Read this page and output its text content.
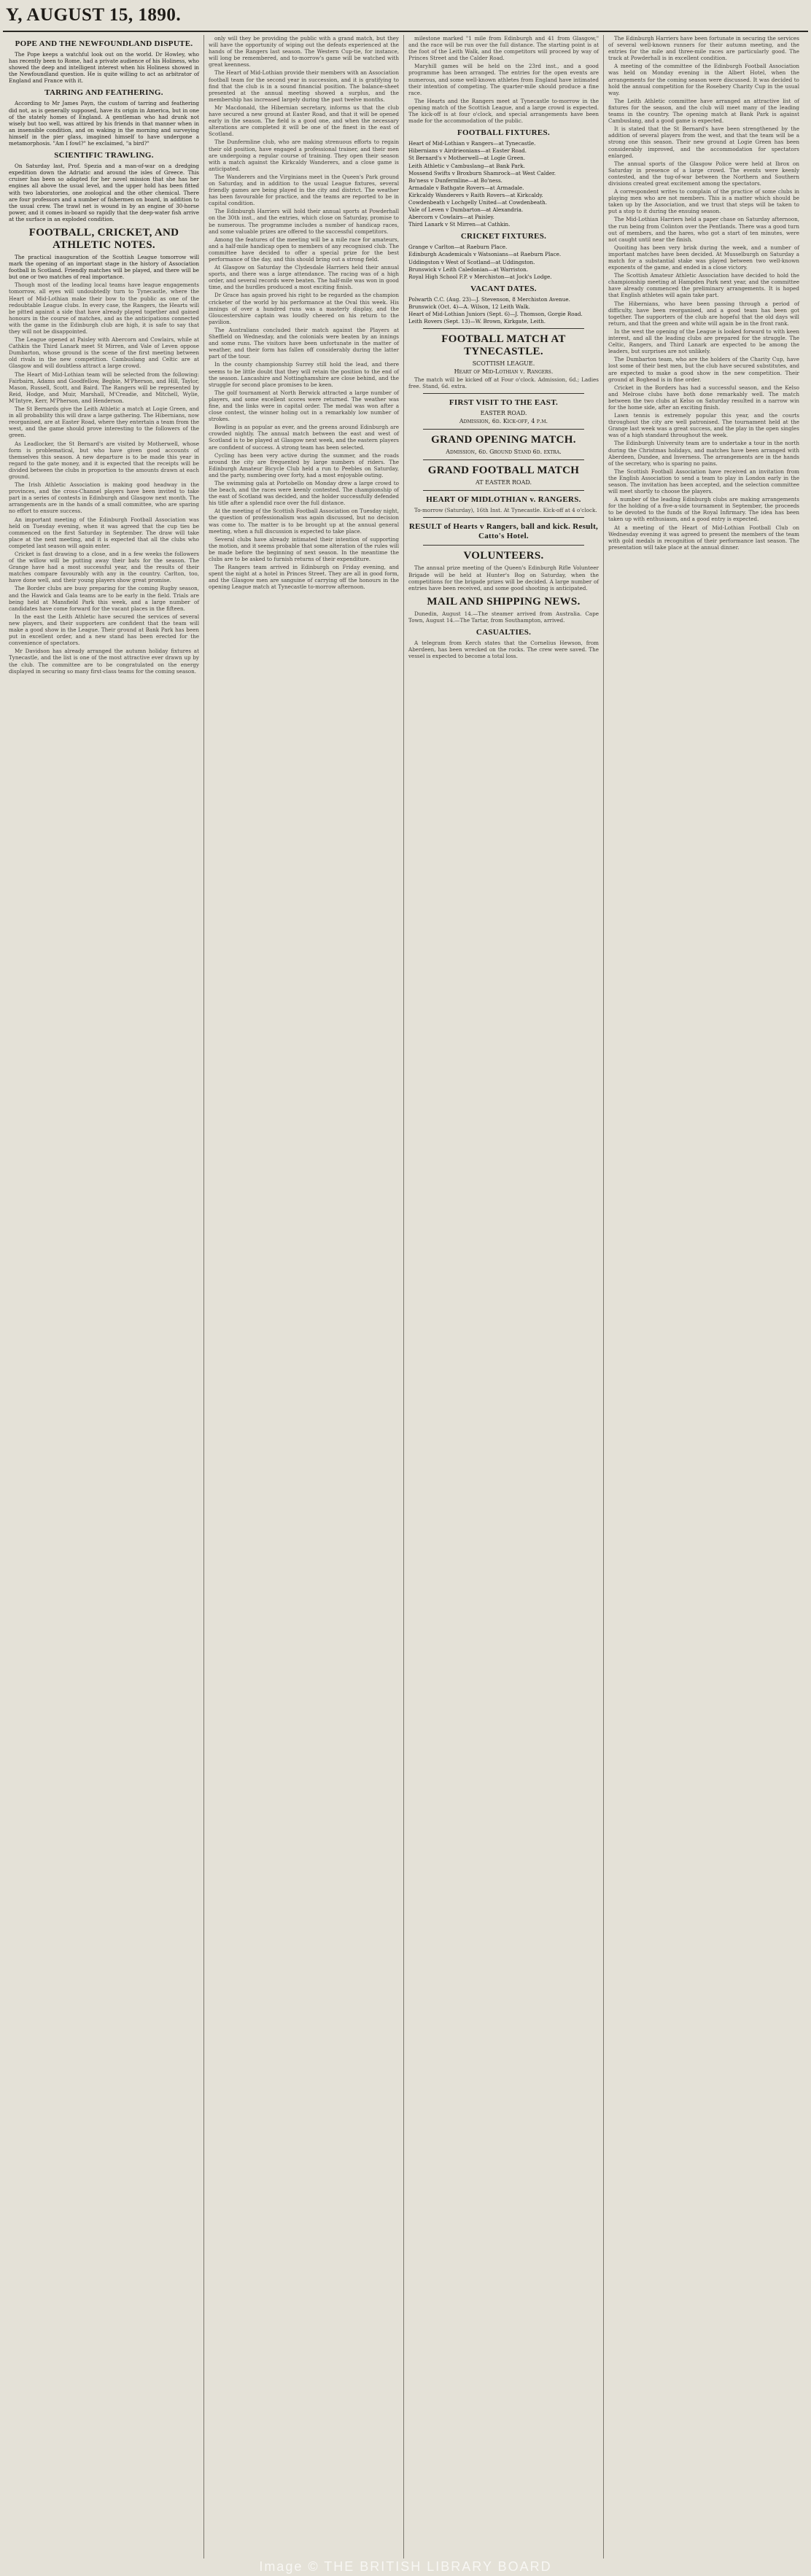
Y, AUGUST 15, 1890.
POPE AND THE NEWFOUNDLAND DISPUTE.

The Pope keeps a watchful look out on the world. Dr Howley, who has recently been to Rome, had a private audience of his Holiness, who showed the deep and intelligent interest when his Holiness showed in the Newfoundland question. He is quite willing to act as arbitrator of England and France with it.

TARRING AND FEATHERING.

According to Mr James Payn, the custom of tarring and feathering did not, as is generally supposed, have its origin in America, but in one of the stately homes of England. A gentleman who had drunk not wisely but too well, was attired by his friends in that manner when in an insensible condition, and on waking in the morning and surveying himself in the pier glass, imagined himself to have undergone a metamorphosis. "Am I fowl?" he exclaimed, "a bird?"

SCIENTIFIC TRAWLING.

On Saturday last, Prof. Spezia and a man-of-war on a dredging expedition down the Adriatic and around the isles of Greece. This cruiser has been so adapted for her novel mission that she has her engines all above the usual level, and the upper hold has been fitted with two laboratories, one zoological and the other chemical. There are four professors and a number of fishermen on board, in addition to the usual crew. The trawl net is wound in by an engine of 30-horse power, and it comes in-board so rapidly that the deep-water fish arrive at the surface in an exploded condition.

FOOTBALL, CRICKET, AND ATHLETIC NOTES.

The practical inauguration of the Scottish League tomorrow will mark the opening of an important stage in the history of Association football in Scotland. Friendly matches will be played, and there will be but one or two matches of real importance.

Though most of the leading local teams have league engagements tomorrow, all eyes will undoubtedly turn to Tynecastle, where the Heart of Mid-Lothian make their bow to the public as one of the redoubtable League clubs. In every case, the Rangers, the Hearts will be pitted against a side that have already played together and gained honours in the course of matches, and as the anticipations connected with the game in the Edinburgh club are high, it is safe to say that they will not be disappointed.

The League opened at Paisley with Abercorn and Cowlairs, while at Cathkin the Third Lanark meet St Mirren, and Vale of Leven oppose Dumbarton, whose ground is the scene of the first meeting between old rivals in the new competition. Cambuslang and Celtic are at Glasgow and will doubtless attract a large crowd.

The Heart of Mid-Lothian team will be selected from the following: Fairbairn, Adams and Goodfellow, Begbie, M'Pherson, and Hill, Taylor, Mason, Russell, Scott, and Baird. The Rangers will be represented by Reid, Hodge, and Muir, Marshall, M'Creadie, and Mitchell, Wylie, M'Intyre, Kerr, M'Pherson, and Henderson.

The St Bernards give the Leith Athletic a match at Logie Green, and in all probability this will draw a large gathering. The Hibernians, now reorganised, are at Easter Road, where they entertain a team from the west, and the game should prove interesting to the followers of the green.

As Leadlocker, the St Bernard's are visited by Motherwell, whose form is problematical, but who have given good accounts of themselves this season. A new departure is to be made this year in regard to the gate money, and it is expected that the receipts will be divided between the clubs in proportion to the amounts drawn at each ground.

The Irish Athletic Association is making good headway in the provinces, and the cross-Channel players have been invited to take part in a series of contests in Edinburgh and Glasgow next month. The arrangements are in the hands of a small committee, who are sparing no effort to ensure success.

An important meeting of the Edinburgh Football Association was held on Tuesday evening, when it was agreed that the cup ties be commenced on the first Saturday in September. The draw will take place at the next meeting, and it is expected that all the clubs who competed last season will again enter.

Cricket is fast drawing to a close, and in a few weeks the followers of the willow will be putting away their bats for the season. The Grange have had a most successful year, and the results of their matches compare favourably with any in the country. Carlton, too, have done well, and their young players show great promise.

The Border clubs are busy preparing for the coming Rugby season, and the Hawick and Gala teams are to be early in the field. Trials are being held at Mansfield Park this week, and a large number of candidates have come forward for the vacant places in the fifteen.

In the east the Leith Athletic have secured the services of several new players, and their supporters are confident that the team will make a good show in the League. Their ground at Bank Park has been put in excellent order, and a new stand has been erected for the convenience of spectators.

Mr Davidson has already arranged the autumn holiday fixtures at Tynecastle, and the list is one of the most attractive ever drawn up by the club. The committee are to be congratulated on the energy displayed in securing so many first-class teams for the coming season.

only will they be providing the public with a grand match, but they will have the opportunity of wiping out the defeats experienced at the hands of the Rangers last season. The Western Cup-tie, for instance, will long be remembered, and to-morrow's game will be watched with great keenness.

The Heart of Mid-Lothian provide their members with an Association football team for the second year in succession, and it is gratifying to find that the club is in a sound financial position. The balance-sheet presented at the annual meeting showed a surplus, and the membership has increased largely during the past twelve months.

Mr Macdonald, the Hibernian secretary, informs us that the club have secured a new ground at Easter Road, and that it will be opened early in the season. The field is a good one, and when the necessary alterations are completed it will be one of the finest in the east of Scotland.

The Dunfermline club, who are making strenuous efforts to regain their old position, have engaged a professional trainer, and their men are undergoing a regular course of training. They open their season with a match against the Kirkcaldy Wanderers, and a close game is anticipated.

The Wanderers and the Virginians meet in the Queen's Park ground on Saturday, and in addition to the usual League fixtures, several friendly games are being played in the city and district. The weather has been favourable for practice, and the teams are reported to be in capital condition.

The Edinburgh Harriers will hold their annual sports at Powderhall on the 30th inst., and the entries, which close on Saturday, promise to be numerous. The programme includes a number of handicap races, and some valuable prizes are offered to the successful competitors.

Among the features of the meeting will be a mile race for amateurs, and a half-mile handicap open to members of any recognised club. The committee have decided to offer a special prize for the best performance of the day, and this should bring out a strong field.

At Glasgow on Saturday the Clydesdale Harriers held their annual sports, and there was a large attendance. The racing was of a high order, and several records were beaten. The half-mile was won in good time, and the hurdles produced a most exciting finish.

Dr Grace has again proved his right to be regarded as the champion cricketer of the world by his performance at the Oval this week. His innings of over a hundred runs was a masterly display, and the Gloucestershire captain was loudly cheered on his return to the pavilion.

The Australians concluded their match against the Players at Sheffield on Wednesday, and the colonials were beaten by an innings and some runs. The visitors have been unfortunate in the matter of weather, and their form has fallen off considerably during the latter part of the tour.

In the county championship Surrey still hold the lead, and there seems to be little doubt that they will retain the position to the end of the season. Lancashire and Nottinghamshire are close behind, and the struggle for second place promises to be keen.

The golf tournament at North Berwick attracted a large number of players, and some excellent scores were returned. The weather was fine, and the links were in capital order. The medal was won after a close contest, the winner holing out in a remarkably low number of strokes.

Bowling is as popular as ever, and the greens around Edinburgh are crowded nightly. The annual match between the east and west of Scotland is to be played at Glasgow next week, and the eastern players are confident of success. A strong team has been selected.

Cycling has been very active during the summer, and the roads around the city are frequented by large numbers of riders. The Edinburgh Amateur Bicycle Club held a run to Peebles on Saturday, and the party, numbering over forty, had a most enjoyable outing.

The swimming gala at Portobello on Monday drew a large crowd to the beach, and the races were keenly contested. The championship of the east of Scotland was decided, and the holder successfully defended his title after a splendid race over the full distance.

At the meeting of the Scottish Football Association on Tuesday night, the question of professionalism was again discussed, but no decision was come to. The matter is to be brought up at the annual general meeting, when a full discussion is expected to take place.

Several clubs have already intimated their intention of supporting the motion, and it seems probable that some alteration of the rules will be made before the beginning of next season. In the meantime the clubs are to be asked to furnish returns of their expenditure.

The Rangers team arrived in Edinburgh on Friday evening, and spent the night at a hotel in Princes Street. They are all in good form, and the Glasgow men are sanguine of carrying off the honours in the opening League match at Tynecastle to-morrow afternoon.

milestone marked "1 mile from Edinburgh and 41 from Glasgow," and the race will be run over the full distance. The starting point is at the foot of the Leith Walk, and the competitors will proceed by way of Princes Street and the Calder Road.

Maryhill games will be held on the 23rd inst., and a good programme has been arranged. The entries for the open events are numerous, and some well-known athletes from England have intimated their intention of competing. The quarter-mile should produce a fine race.

The Hearts and the Rangers meet at Tynecastle to-morrow in the opening match of the Scottish League, and a large crowd is expected. The kick-off is at four o'clock, and special arrangements have been made for the accommodation of the public.

FOOTBALL FIXTURES.
Heart of Mid-Lothian v Rangers—at Tynecastle.
Hibernians v Airdrieonians—at Easter Road.
St Bernard's v Motherwell—at Logie Green.
Leith Athletic v Cambuslang—at Bank Park.
Mossend Swifts v Broxburn Shamrock—at West Calder.
Bo'ness v Dunfermline—at Bo'ness.
Armadale v Bathgate Rovers—at Armadale.
Kirkcaldy Wanderers v Raith Rovers—at Kirkcaldy.
Cowdenbeath v Lochgelly United—at Cowdenbeath.
Vale of Leven v Dumbarton—at Alexandria.
Abercorn v Cowlairs—at Paisley.
Third Lanark v St Mirren—at Cathkin.
CRICKET FIXTURES.
Grange v Carlton—at Raeburn Place.
Edinburgh Academicals v Watsonians—at Raeburn Place.
Uddingston v West of Scotland—at Uddingston.
Brunswick v Leith Caledonian—at Warriston.
Royal High School F.P. v Merchiston—at Jock's Lodge.
VACANT DATES.
Polwarth C.C. (Aug. 23)—J. Stevenson, 8 Merchiston Avenue.
Brunswick (Oct. 4)—A. Wilson, 12 Leith Walk.
Heart of Mid-Lothian Juniors (Sept. 6)—J. Thomson, Gorgie Road.
Leith Rovers (Sept. 13)—W. Brown, Kirkgate, Leith.
FOOTBALL MATCH AT TYNECASTLE.
SCOTTISH LEAGUE.
Heart of Mid-Lothian v. Rangers.

The match will be kicked off at Four o'clock. Admission, 6d.; Ladies free. Stand, 6d. extra.

FIRST VISIT TO THE EAST.
EASTER ROAD.
Admission, 6d. Kick-off, 4 p.m.
GRAND OPENING MATCH.
Admission, 6d. Ground Stand 6d. extra.
GRAND FOOTBALL MATCH
AT EASTER ROAD.
HEART OF MIDLOTHIAN v. RANGERS.

To-morrow (Saturday), 16th Inst. At Tynecastle. Kick-off at 4 o'clock.

RESULT of Hearts v Rangers, ball and kick. Result, Catto's Hotel.
VOLUNTEERS.

The annual prize meeting of the Queen's Edinburgh Rifle Volunteer Brigade will be held at Hunter's Bog on Saturday, when the competitions for the brigade prizes will be decided. A large number of entries have been received, and some good shooting is anticipated.

MAIL AND SHIPPING NEWS.

Dunedin, August 14.—The steamer arrived from Australia. Cape Town, August 14.—The Tartar, from Southampton, arrived.

CASUALTIES.

A telegram from Kerch states that the Cornelius Hewson, from Aberdeen, has been wrecked on the rocks. The crew were saved. The vessel is expected to become a total loss.

The Edinburgh Harriers have been fortunate in securing the services of several well-known runners for their autumn meeting, and the entries for the mile and three-mile races are particularly good. The track at Powderhall is in excellent condition.

A meeting of the committee of the Edinburgh Football Association was held on Monday evening in the Albert Hotel, when the arrangements for the coming season were discussed. It was decided to hold the annual competition for the Rosebery Charity Cup in the usual way.

The Leith Athletic committee have arranged an attractive list of fixtures for the season, and the club will meet many of the leading teams in the country. The opening match at Bank Park is against Cambuslang, and a good game is expected.

It is stated that the St Bernard's have been strengthened by the addition of several players from the west, and that the team will be a strong one this season. Their new ground at Logie Green has been considerably improved, and the accommodation for spectators enlarged.

The annual sports of the Glasgow Police were held at Ibrox on Saturday in presence of a large crowd. The events were keenly contested, and the tug-of-war between the Northern and Southern divisions created great excitement among the spectators.

A correspondent writes to complain of the practice of some clubs in playing men who are not members. This is a matter which should be taken up by the Association, and we trust that steps will be taken to put a stop to it during the ensuing season.

The Mid-Lothian Harriers held a paper chase on Saturday afternoon, the run being from Colinton over the Pentlands. There was a good turn out of members, and the hares, who got a start of ten minutes, were not caught until near the finish.

Quoiting has been very brisk during the week, and a number of important matches have been decided. At Musselburgh on Saturday a match for a substantial stake was played between two well-known exponents of the game, and ended in a close victory.

The Scottish Amateur Athletic Association have decided to hold the championship meeting at Hampden Park next year, and the committee have already commenced the preliminary arrangements. It is hoped that English athletes will again take part.

The Hibernians, who have been passing through a period of difficulty, have been reorganised, and a good team has been got together. The supporters of the club are hopeful that the old days will return, and that the green and white will again be in the front rank.

In the west the opening of the League is looked forward to with keen interest, and all the leading clubs are prepared for the struggle. The Celtic, Rangers, and Third Lanark are expected to be among the leaders, but surprises are not unlikely.

The Dumbarton team, who are the holders of the Charity Cup, have lost some of their best men, but the club have secured substitutes, and are expected to make a good show in the new competition. Their ground at Boghead is in fine order.

Cricket in the Borders has had a successful season, and the Kelso and Melrose clubs have both done remarkably well. The match between the two clubs at Kelso on Saturday resulted in a narrow win for the home side, after an exciting finish.

Lawn tennis is extremely popular this year, and the courts throughout the city are well patronised. The tournament held at the Grange last week was a great success, and the play in the open singles was of a high standard throughout the week.

The Edinburgh University team are to undertake a tour in the north during the Christmas holidays, and matches have been arranged with Aberdeen, Dundee, and Inverness. The arrangements are in the hands of the secretary, who is sparing no pains.

The Scottish Football Association have received an invitation from the English Association to send a team to play in London early in the season. The invitation has been accepted, and the selection committee will meet shortly to choose the players.

A number of the leading Edinburgh clubs are making arrangements for the holding of a five-a-side tournament in September, the proceeds to be devoted to the funds of the Royal Infirmary. The idea has been taken up with enthusiasm, and a good entry is expected.

At a meeting of the Heart of Mid-Lothian Football Club on Wednesday evening it was agreed to present the members of the team with gold medals in recognition of their performance last season. The presentation will take place at the annual dinner.

Image © THE BRITISH LIBRARY BOARD
